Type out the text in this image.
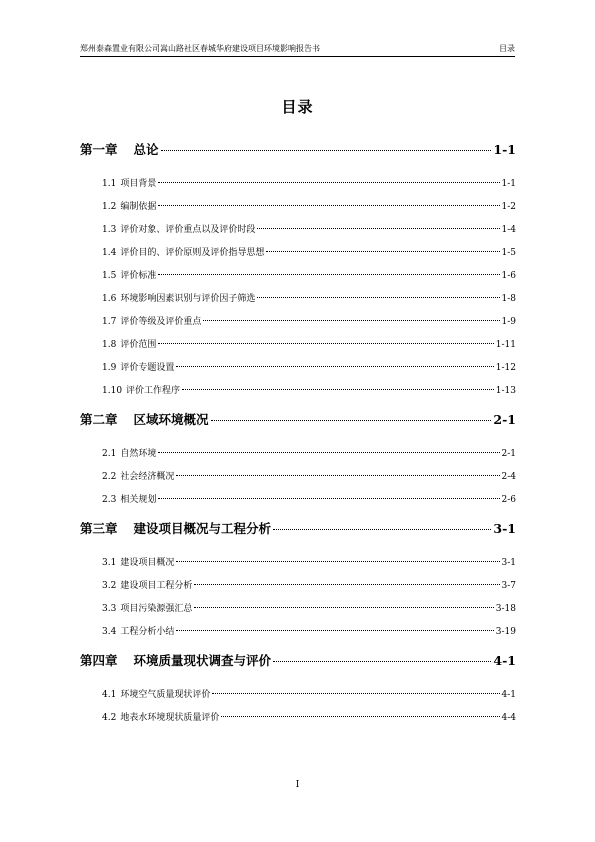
郑州泰森置业有限公司嵩山路社区春城华府建设项目环境影响报告书	目录
目录
第一章 总论	1-1
1.1 项目背景	1-1
1.2 编制依据	1-2
1.3 评价对象、评价重点以及评价时段	1-4
1.4 评价目的、评价原则及评价指导思想	1-5
1.5 评价标准	1-6
1.6 环境影响因素识别与评价因子筛选	1-8
1.7 评价等级及评价重点	1-9
1.8 评价范围	1-11
1.9 评价专题设置	1-12
1.10 评价工作程序	1-13
第二章 区域环境概况	2-1
2.1 自然环境	2-1
2.2 社会经济概况	2-4
2.3 相关规划	2-6
第三章 建设项目概况与工程分析	3-1
3.1 建设项目概况	3-1
3.2 建设项目工程分析	3-7
3.3 项目污染源强汇总	3-18
3.4 工程分析小结	3-19
第四章 环境质量现状调查与评价	4-1
4.1 环境空气质量现状评价	4-1
4.2 地表水环境现状质量评价	4-4
I
